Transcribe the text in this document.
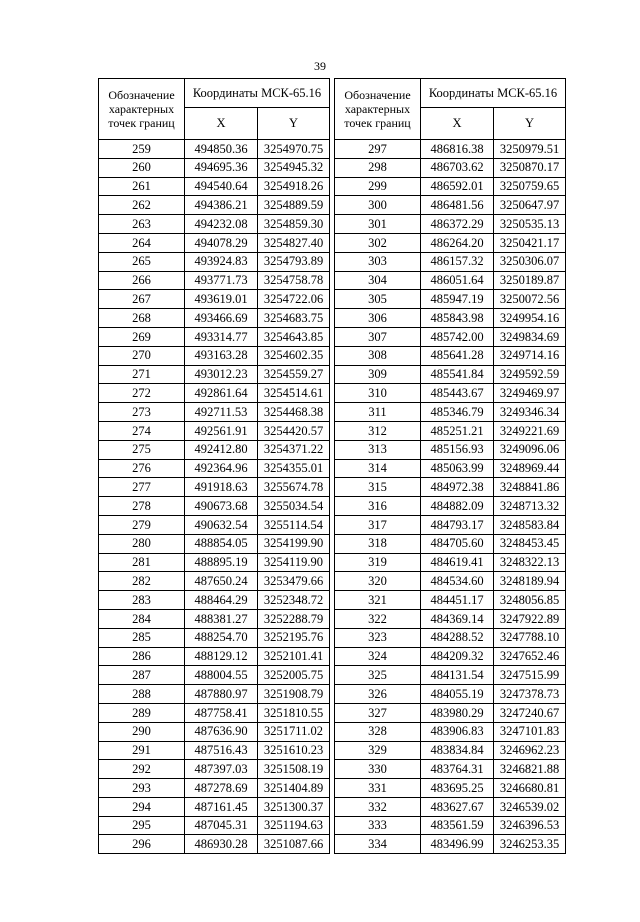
39
Обозначение характерных точек границ	Координаты МСК-65.16	
	X	Y
259	494850.36	3254970.75
260	494695.36	3254945.32
261	494540.64	3254918.26
262	494386.21	3254889.59
263	494232.08	3254859.30
264	494078.29	3254827.40
265	493924.83	3254793.89
266	493771.73	3254758.78
267	493619.01	3254722.06
268	493466.69	3254683.75
269	493314.77	3254643.85
270	493163.28	3254602.35
271	493012.23	3254559.27
272	492861.64	3254514.61
273	492711.53	3254468.38
274	492561.91	3254420.57
275	492412.80	3254371.22
276	492364.96	3254355.01
277	491918.63	3255674.78
278	490673.68	3255034.54
279	490632.54	3255114.54
280	488854.05	3254199.90
281	488895.19	3254119.90
282	487650.24	3253479.66
283	488464.29	3252348.72
284	488381.27	3252288.79
285	488254.70	3252195.76
286	488129.12	3252101.41
287	488004.55	3252005.75
288	487880.97	3251908.79
289	487758.41	3251810.55
290	487636.90	3251711.02
291	487516.43	3251610.23
292	487397.03	3251508.19
293	487278.69	3251404.89
294	487161.45	3251300.37
295	487045.31	3251194.63
296	486930.28	3251087.66
Обозначение характерных точек границ	Координаты МСК-65.16	
	X	Y
297	486816.38	3250979.51
298	486703.62	3250870.17
299	486592.01	3250759.65
300	486481.56	3250647.97
301	486372.29	3250535.13
302	486264.20	3250421.17
303	486157.32	3250306.07
304	486051.64	3250189.87
305	485947.19	3250072.56
306	485843.98	3249954.16
307	485742.00	3249834.69
308	485641.28	3249714.16
309	485541.84	3249592.59
310	485443.67	3249469.97
311	485346.79	3249346.34
312	485251.21	3249221.69
313	485156.93	3249096.06
314	485063.99	3248969.44
315	484972.38	3248841.86
316	484882.09	3248713.32
317	484793.17	3248583.84
318	484705.60	3248453.45
319	484619.41	3248322.13
320	484534.60	3248189.94
321	484451.17	3248056.85
322	484369.14	3247922.89
323	484288.52	3247788.10
324	484209.32	3247652.46
325	484131.54	3247515.99
326	484055.19	3247378.73
327	483980.29	3247240.67
328	483906.83	3247101.83
329	483834.84	3246962.23
330	483764.31	3246821.88
331	483695.25	3246680.81
332	483627.67	3246539.02
333	483561.59	3246396.53
334	483496.99	3246253.35
